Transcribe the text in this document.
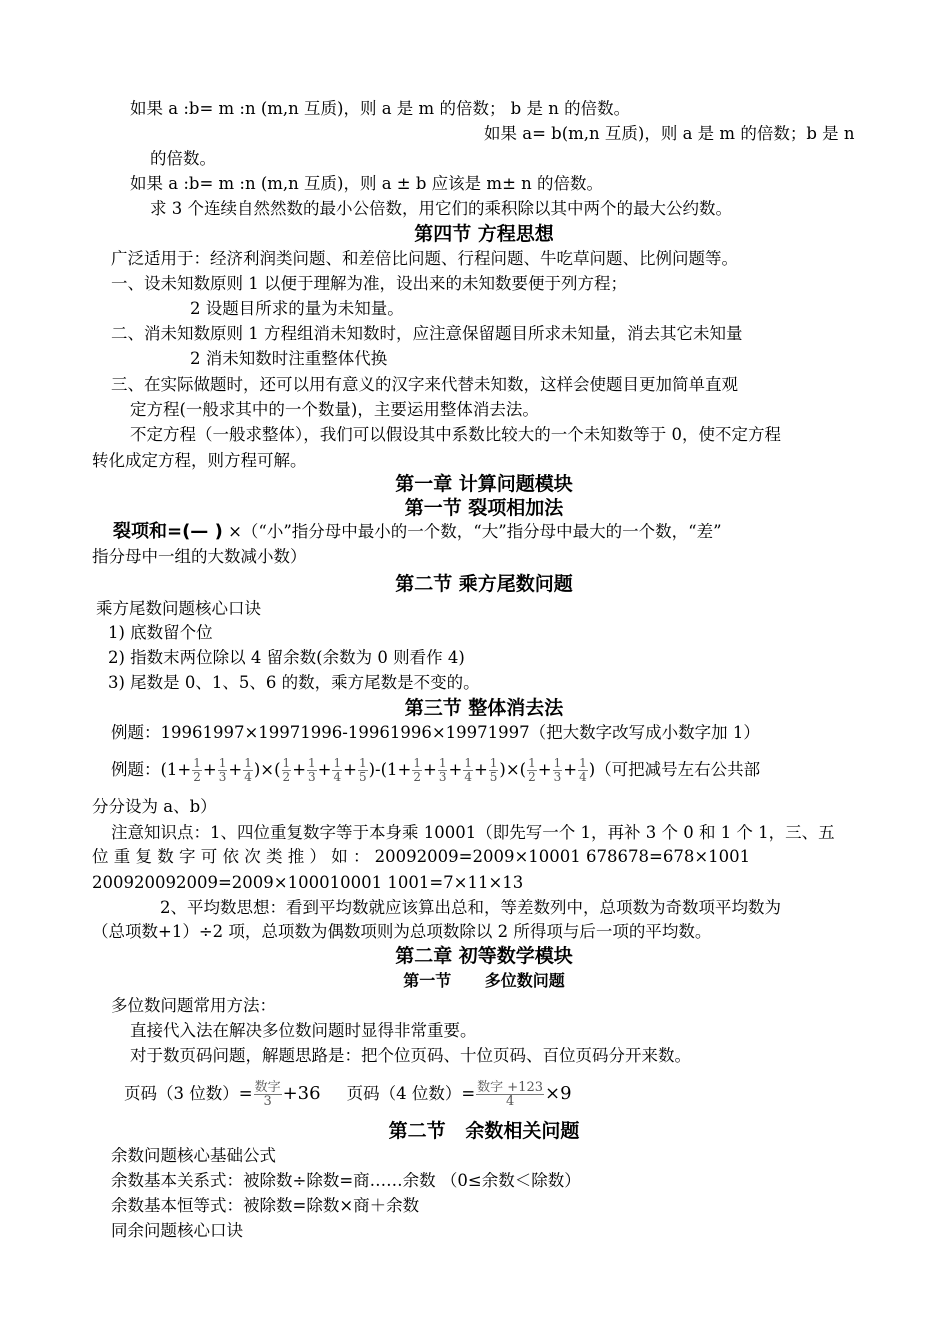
如果 a :b= m :n (m,n 互质)，则 a 是 m 的倍数； b 是 n 的倍数。
如果 a= b(m,n 互质)，则 a 是 m 的倍数；b 是 n
的倍数。
如果 a :b= m :n (m,n 互质)，则 a ± b 应该是 m± n 的倍数。
求 3 个连续自然然数的最小公倍数，用它们的乘积除以其中两个的最大公约数。
第四节 方程思想
广泛适用于：经济利润类问题、和差倍比问题、行程问题、牛吃草问题、比例问题等。
一、设未知数原则 1 以便于理解为准，设出来的未知数要便于列方程；
2 设题目所求的量为未知量。
二、消未知数原则 1 方程组消未知数时，应注意保留题目所求未知量，消去其它未知量
2 消未知数时注重整体代换
三、在实际做题时，还可以用有意义的汉字来代替未知数，这样会使题目更加简单直观
定方程(一般求其中的一个数量)，主要运用整体消去法。
不定方程（一般求整体），我们可以假设其中系数比较大的一个未知数等于 0，使不定方程
转化成定方程，则方程可解。
第一章 计算问题模块
第一节 裂项相加法
裂项和=(— ) ×（“小”指分母中最小的一个数，“大”指分母中最大的一个数，“差”
指分母中一组的大数减小数）
第二节 乘方尾数问题
乘方尾数问题核心口诀
1) 底数留个位
2) 指数末两位除以 4 留余数(余数为 0 则看作 4)
3) 尾数是 0、1、5、6 的数，乘方尾数是不变的。
第三节 整体消去法
例题：19961997×19971996-19961996×19971997（把大数字改写成小数字加 1）
例题：($1+ \frac{1}{2} + \frac{1}{3} + \frac{1}{4}$ )×( $\frac{1}{2} + \frac{1}{3} + \frac{1}{4} + \frac{1}{5} )-(1+ \frac{1}{2} + \frac{1}{3} + \frac{1}{4} + \frac{1}{5}$ )×( $\frac{1}{2} + \frac{1}{3} + \frac{1}{4}$ )（可把减号左右公共部
分分设为 a、b）
注意知识点：1、四位重复数字等于本身乘 10001（即先写一个 1，再补 3 个 0 和 1 个 1，三、五
位 重 复 数 字 可 依 次 类 推 ） 如 ： 20092009=2009×10001 678678=678×1001
200920092009=2009×100010001 1001=7×11×13
2、平均数思想：看到平均数就应该算出总和，等差数列中，总项数为奇数项平均数为
（总项数+1）÷2 项，总项数为偶数项则为总项数除以 2 所得项与后一项的平均数。
第二章 初等数学模块
第一节      多位数问题
多位数问题常用方法：
直接代入法在解决多位数问题时显得非常重要。
对于数页码问题，解题思路是：把个位页码、十位页码、百位页码分开来数。
页码（3 位数）= $\frac{\text{数字}}{3} +36$ 页码（4 位数）= $\frac{\text{数字 +123}}{4} \times 9$
第二节   余数相关问题
余数问题核心基础公式
余数基本关系式：被除数÷除数=商……余数 （0≤余数＜除数）
余数基本恒等式：被除数=除数×商＋余数
同余问题核心口诀
